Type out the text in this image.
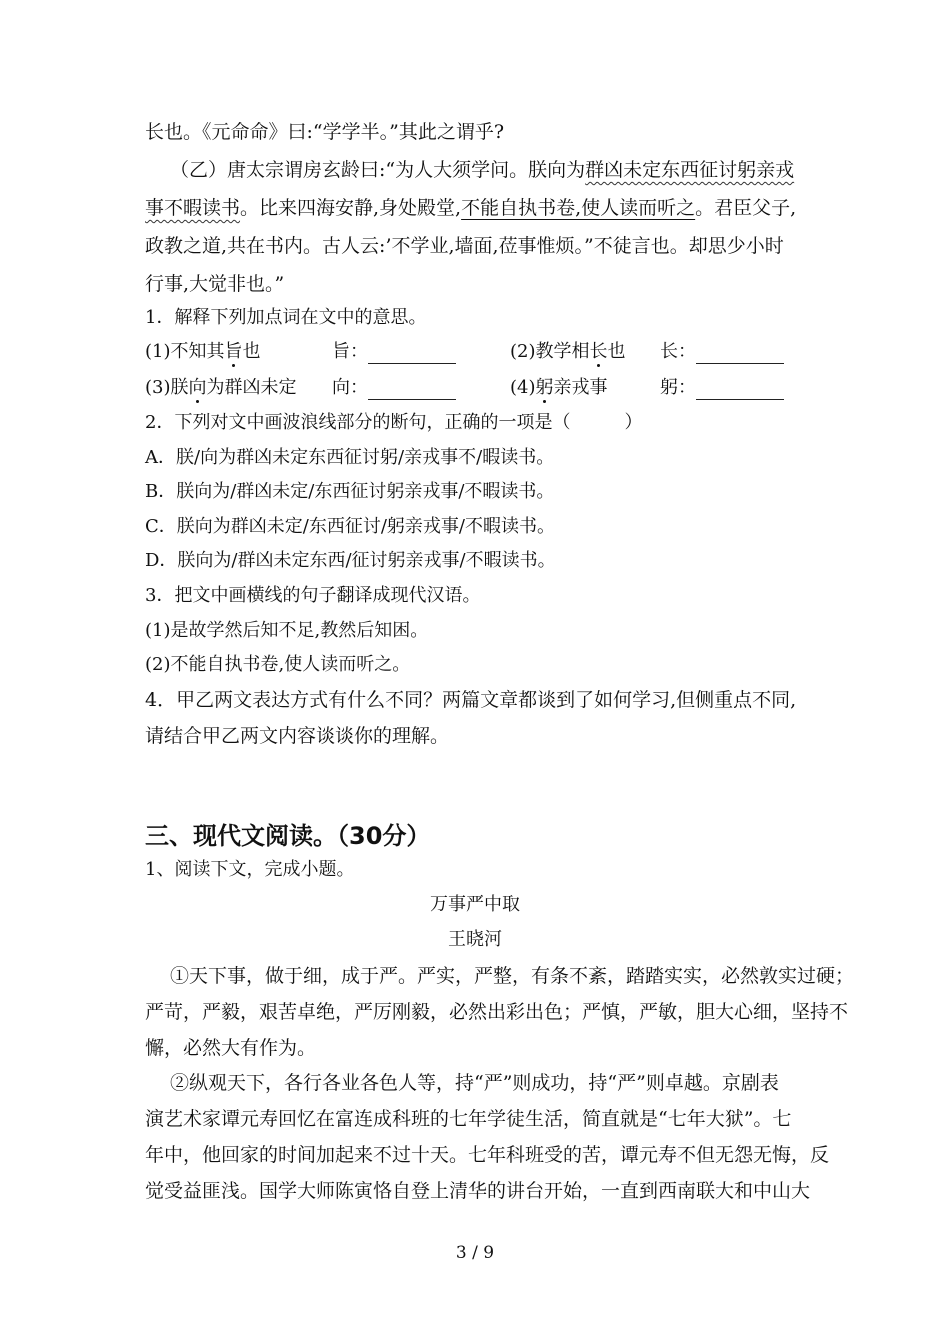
长也。《元命命》曰:“学学半。”其此之谓乎?
（乙）唐太宗谓房玄龄曰:“为人大须学问。朕向为群凶未定东西征讨躬亲戎
事不暇读书。比来四海安静,身处殿堂,不能自执书卷,使人读而听之。君臣父子,
政教之道,共在书内。古人云:’不学业,墙面,莅事惟烦。”不徒言也。却思少小时
行事,大觉非也。”
1．解释下列加点词在文中的意思。
(1)不知其旨也	旨：	(2)教学相长也 长：
(3)朕向为群凶未定 向：	(4)躬亲戎事	躬：
2．下列对文中画波浪线部分的断句，正确的一项是（　　　）
A．朕/向为群凶未定东西征讨躬/亲戎事不/暇读书。
B．朕向为/群凶未定/东西征讨躬亲戎事/不暇读书。
C．朕向为群凶未定/东西征讨/躬亲戎事/不暇读书。
D．朕向为/群凶未定东西/征讨躬亲戎事/不暇读书。
3．把文中画横线的句子翻译成现代汉语。
(1)是故学然后知不足,教然后知困。
(2)不能自执书卷,使人读而听之。
4．甲乙两文表达方式有什么不同？两篇文章都谈到了如何学习,但侧重点不同,
请结合甲乙两文内容谈谈你的理解。
三、现代文阅读。（30分）
1、阅读下文，完成小题。
万事严中取
王晓河
①天下事，做于细，成于严。严实，严整，有条不紊，踏踏实实，必然敦实过硬；
严苛，严毅，艰苦卓绝，严厉刚毅，必然出彩出色；严慎，严敏，胆大心细，坚持不
懈，必然大有作为。
②纵观天下，各行各业各色人等，持“严”则成功，持“严”则卓越。京剧表
演艺术家谭元寿回忆在富连成科班的七年学徒生活，简直就是“七年大狱”。七
年中，他回家的时间加起来不过十天。七年科班受的苦，谭元寿不但无怨无悔，反
觉受益匪浅。国学大师陈寅恪自登上清华的讲台开始，一直到西南联大和中山大
3 / 9
